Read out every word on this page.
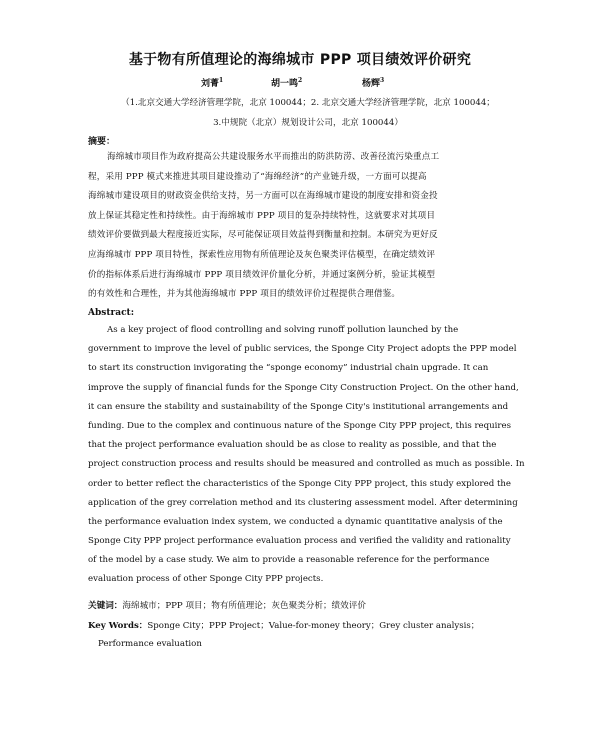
基于物有所值理论的海绵城市 PPP 项目绩效评价研究
刘菁$^1$	胡一鸣$^2$	杨辉$^3$
（1.北京交通大学经济管理学院，北京 100044；2. 北京交通大学经济管理学院，北京 100044；
3.中规院（北京）规划设计公司，北京 100044）
摘要：
海绵城市项目作为政府提高公共建设服务水平而推出的防洪防涝、改善径流污染重点工
程，采用 PPP 模式来推进其项目建设推动了“海绵经济”的产业链升级，一方面可以提高
海绵城市建设项目的财政资金供给支持，另一方面可以在海绵城市建设的制度安排和资金投
放上保证其稳定性和持续性。由于海绵城市 PPP 项目的复杂持续特性，这就要求对其项目
绩效评价要做到最大程度接近实际，尽可能保证项目效益得到衡量和控制。本研究为更好反
应海绵城市 PPP 项目特性，探索性应用物有所值理论及灰色聚类评估模型，在确定绩效评
价的指标体系后进行海绵城市 PPP 项目绩效评价量化分析，并通过案例分析，验证其模型
的有效性和合理性，并为其他海绵城市 PPP 项目的绩效评价过程提供合理借鉴。
Abstract:
As a key project of flood controlling and solving runoff pollution launched by the
government to improve the level of public services, the Sponge City Project adopts the PPP model
to start its construction invigorating the “sponge economy” industrial chain upgrade. It can
improve the supply of financial funds for the Sponge City Construction Project. On the other hand,
it can ensure the stability and sustainability of the Sponge City's institutional arrangements and
funding. Due to the complex and continuous nature of the Sponge City PPP project, this requires
that the project performance evaluation should be as close to reality as possible, and that the
project construction process and results should be measured and controlled as much as possible. In
order to better reflect the characteristics of the Sponge City PPP project, this study explored the
application of the grey correlation method and its clustering assessment model. After determining
the performance evaluation index system, we conducted a dynamic quantitative analysis of the
Sponge City PPP project performance evaluation process and verified the validity and rationality
of the model by a case study. We aim to provide a reasonable reference for the performance
evaluation process of other Sponge City PPP projects.
关键词：海绵城市；PPP 项目；物有所值理论；灰色聚类分析；绩效评价
Key Words：Sponge City；PPP Project；Value-for-money theory；Grey cluster analysis；
Performance evaluation
